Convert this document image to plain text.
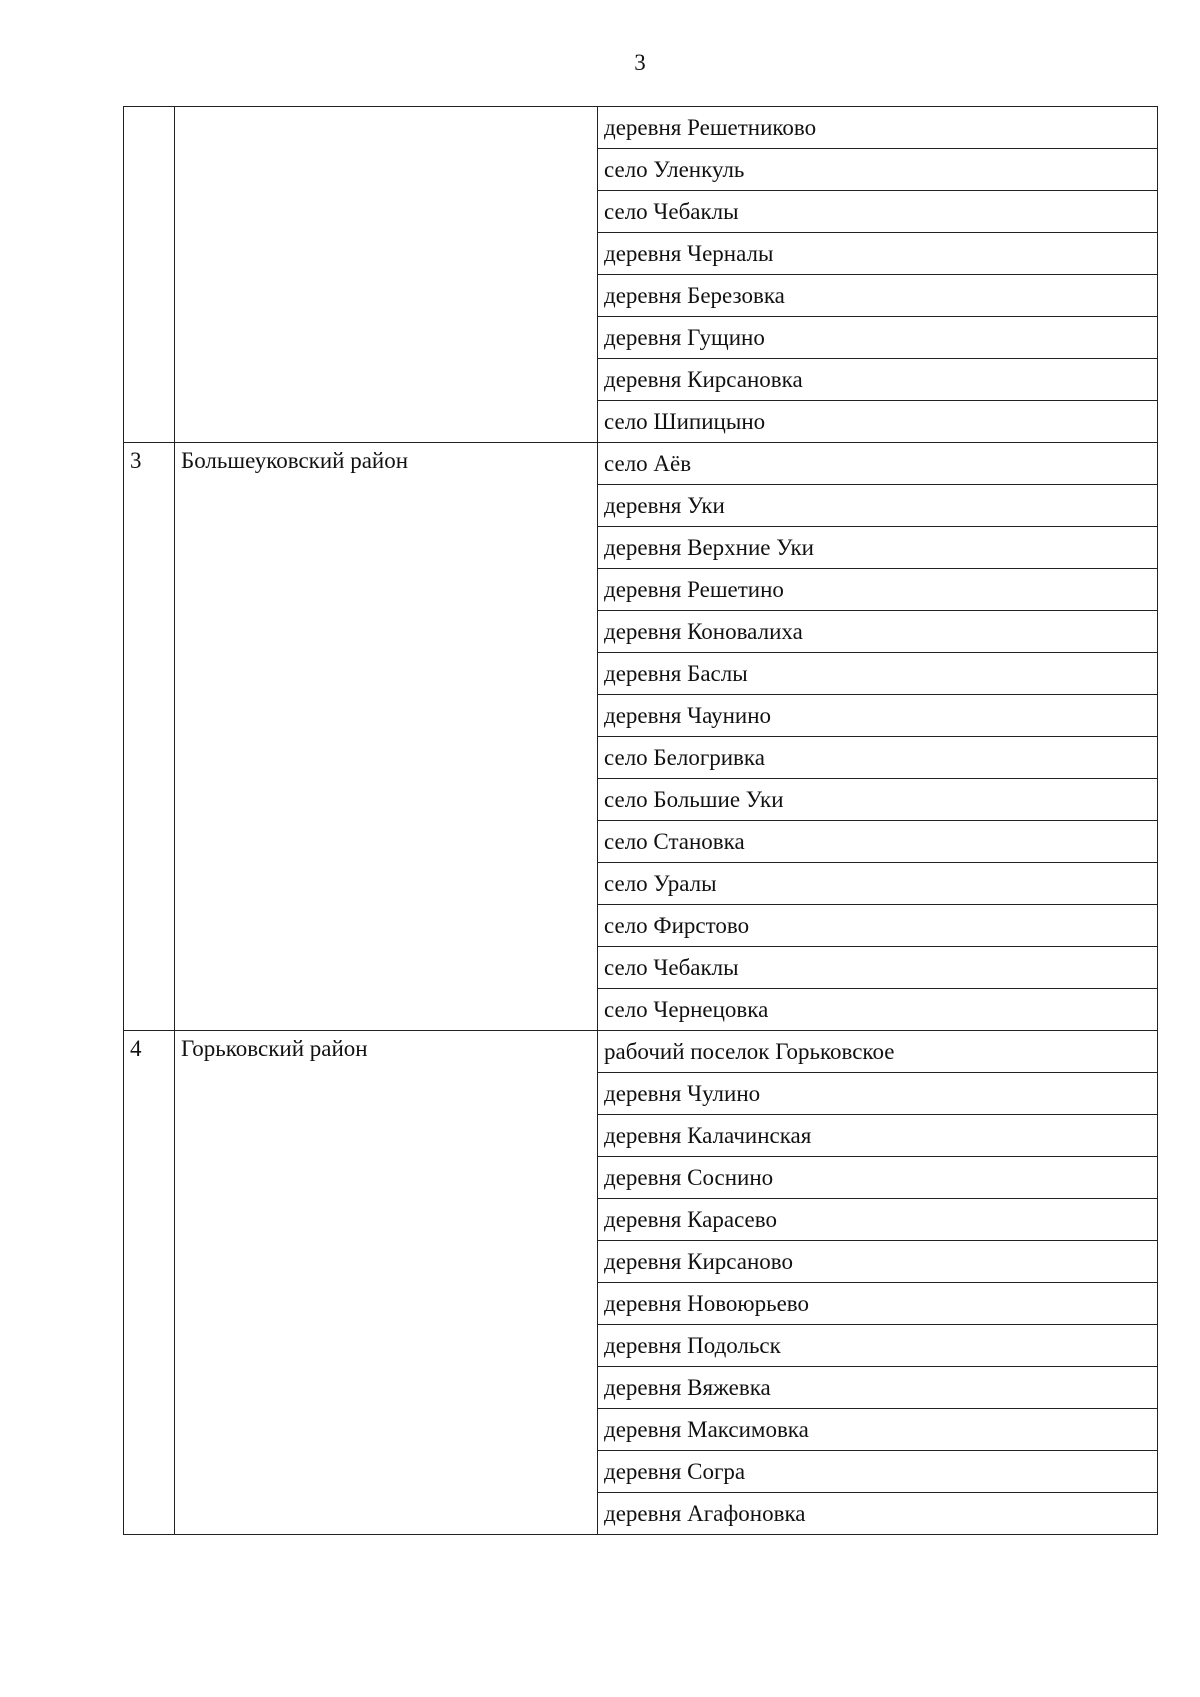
3
		деревня Решетниково
		село Уленкуль
		село Чебаклы
		деревня Черналы
		деревня Березовка
		деревня Гущино
		деревня Кирсановка
		село Шипицыно
3	Большеуковский район	село Аёв
		деревня Уки
		деревня Верхние Уки
		деревня Решетино
		деревня Коновалиха
		деревня Баслы
		деревня Чаунино
		село Белогривка
		село Большие Уки
		село Становка
		село Уралы
		село Фирстово
		село Чебаклы
		село Чернецовка
4	Горьковский район	рабочий поселок Горьковское
		деревня Чулино
		деревня Калачинская
		деревня Соснино
		деревня Карасево
		деревня Кирсаново
		деревня Новоюрьево
		деревня Подольск
		деревня Вяжевка
		деревня Максимовка
		деревня Согра
		деревня Агафоновка
